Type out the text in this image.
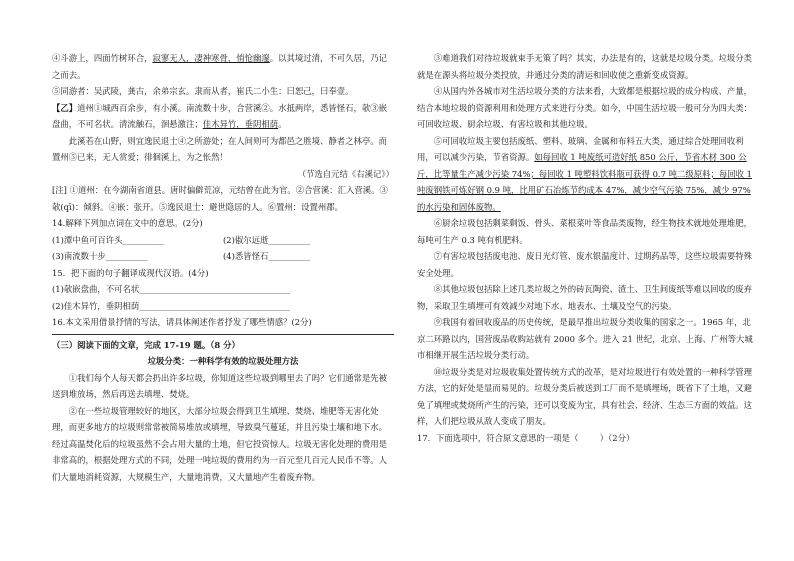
④斗游上，四面竹树环合，寂寥无人，凄神寒骨，悄怆幽邃。以其境过清，不可久居，乃记之而去。

⑤同游者：吴武陵，龚古，余弟宗玄。隶而从者，崔氏二小生：曰恕己，曰奉壹。

【乙】道州①城西百余步，有小溪。南流数十步，合营溪②。水抵两岸，悉皆怪石，欹③嵌盘曲，不可名状。清流触石，洄悬激注；佳木异竹，垂阴相荫。

此溪若在山野，则宜逸民退士④之所游处；在人间则可为都邑之胜境、静者之林亭。而置州⑤已来，无人赏爱；徘徊溪上，为之怅然！

（节选自元结《右溪记》）

[注] ①道州：在今湖南省道县。唐时偏僻荒凉，元结曾在此为官。②合营溪：汇入营溪。③欹(qī)：倾斜。④嵌：张开。⑤逸民退士：避世隐居的人。⑥置州：设置州郡。

14.解释下列加点词在文中的意思。(2分)

(1)潭中鱼可百许头__________	(2)俶尔远逝__________
(3)南流数十步__________	(4)悉皆怪石__________

15．把下面的句子翻译成现代汉语。(4分)

(1)欹嵌盘曲，不可名状____________________________________

(2)佳木异竹，垂阴相荫____________________________________

16.本文采用借景抒情的写法，请具体阐述作者抒发了哪些情感？(2分)

（三）阅读下面的文章，完成 17-19 题。（8 分）

垃圾分类：一种科学有效的垃圾处理方法

①我们每个人每天都会扔出许多垃圾，你知道这些垃圾到哪里去了吗？它们通常是先被送到堆放场，然后再送去填埋、焚烧。

②在一些垃圾管理较好的地区，大部分垃圾会得到卫生填埋、焚烧、堆肥等无害化处理，而更多地方的垃圾则常常被简易堆放或填埋，导致臭气蔓延，并且污染土壤和地下水。经过高温焚化后的垃圾虽然不会占用大量的土地，但它投资惊人。垃圾无害化处理的费用是非常高的，根据处理方式的不同，处理一吨垃圾的费用约为一百元至几百元人民币不等。人们大量地消耗资源，大规模生产，大量地消费，又大量地产生着废弃物。

③难道我们对待垃圾就束手无策了吗？其实，办法是有的，这就是垃圾分类。垃圾分类就是在源头将垃圾分类投放，并通过分类的清运和回收使之重新变成资源。

④从国内外各城市对生活垃圾分类的方法来看，大致都是根据垃圾的成分构成、产量，结合本地垃圾的资源利用和处理方式来进行分类。如今，中国生活垃圾一般可分为四大类：可回收垃圾、厨余垃圾、有害垃圾和其他垃圾。

⑤可回收垃圾主要包括废纸、塑料、玻璃、金属和布料五大类，通过综合处理回收利用，可以减少污染，节省资源。如每回收 1 吨废纸可造好纸 850 公斤，节省木材 300 公斤，比等量生产减少污染 74%；每回收 1 吨塑料饮料瓶可获得 0.7 吨二级原料；每回收 1 吨废钢铁可炼好钢 0.9 吨，比用矿石冶炼节约成本 47%，减少空气污染 75%，减少 97%的水污染和固体废物。

⑥厨余垃圾包括剩菜剩饭、骨头、菜根菜叶等食品类废物，经生物技术就地处理堆肥，每吨可生产 0.3 吨有机肥料。

⑦有害垃圾包括废电池、废日光灯管、废水银温度计、过期药品等，这些垃圾需要特殊安全处理。

⑧其他垃圾包括除上述几类垃圾之外的砖瓦陶瓷、渣土、卫生间废纸等难以回收的废弃物，采取卫生填埋可有效减少对地下水、地表水、土壤及空气的污染。

⑨我国有着回收废品的历史传统，是最早推出垃圾分类收集的国家之一。1965 年，北京二环路以内，国营废品收购站就有 2000 多个。进入 21 世纪，北京、上海、广州等大城市相继开展生活垃圾分类行动。

⑩垃圾分类是对垃圾收集处置传统方式的改革，是对垃圾进行有效处置的一种科学管理方法，它的好处是显而易见的。垃圾分类后被送到工厂而不是填埋场，既省下了土地，又避免了填埋或焚烧所产生的污染，还可以变废为宝，具有社会、经济、生态三方面的效益。这样，人们把垃圾从敌人变成了朋友。

17．下面选项中，符合原文意思的一项是（	）（2分）
